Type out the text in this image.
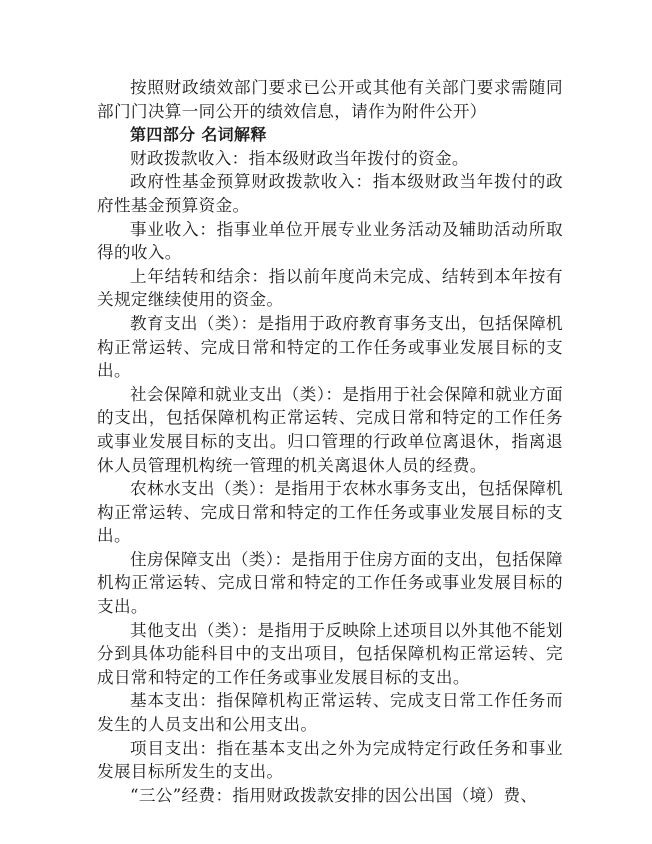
按照财政绩效部门要求已公开或其他有关部门要求需随同部门门决算一同公开的绩效信息，请作为附件公开）

第四部分 名词解释

财政拨款收入：指本级财政当年拨付的资金。

政府性基金预算财政拨款收入：指本级财政当年拨付的政府性基金预算资金。

事业收入：指事业单位开展专业业务活动及辅助活动所取得的收入。

上年结转和结余：指以前年度尚未完成、结转到本年按有关规定继续使用的资金。

教育支出（类）：是指用于政府教育事务支出，包括保障机构正常运转、完成日常和特定的工作任务或事业发展目标的支出。

社会保障和就业支出（类）：是指用于社会保障和就业方面的支出，包括保障机构正常运转、完成日常和特定的工作任务或事业发展目标的支出。归口管理的行政单位离退休，指离退休人员管理机构统一管理的机关离退休人员的经费。

农林水支出（类）：是指用于农林水事务支出，包括保障机构正常运转、完成日常和特定的工作任务或事业发展目标的支出。

住房保障支出（类）：是指用于住房方面的支出，包括保障机构正常运转、完成日常和特定的工作任务或事业发展目标的支出。

其他支出（类）：是指用于反映除上述项目以外其他不能划分到具体功能科目中的支出项目，包括保障机构正常运转、完成日常和特定的工作任务或事业发展目标的支出。

基本支出：指保障机构正常运转、完成支日常工作任务而发生的人员支出和公用支出。

项目支出：指在基本支出之外为完成特定行政任务和事业发展目标所发生的支出。

“三公”经费：指用财政拨款安排的因公出国（境）费、
